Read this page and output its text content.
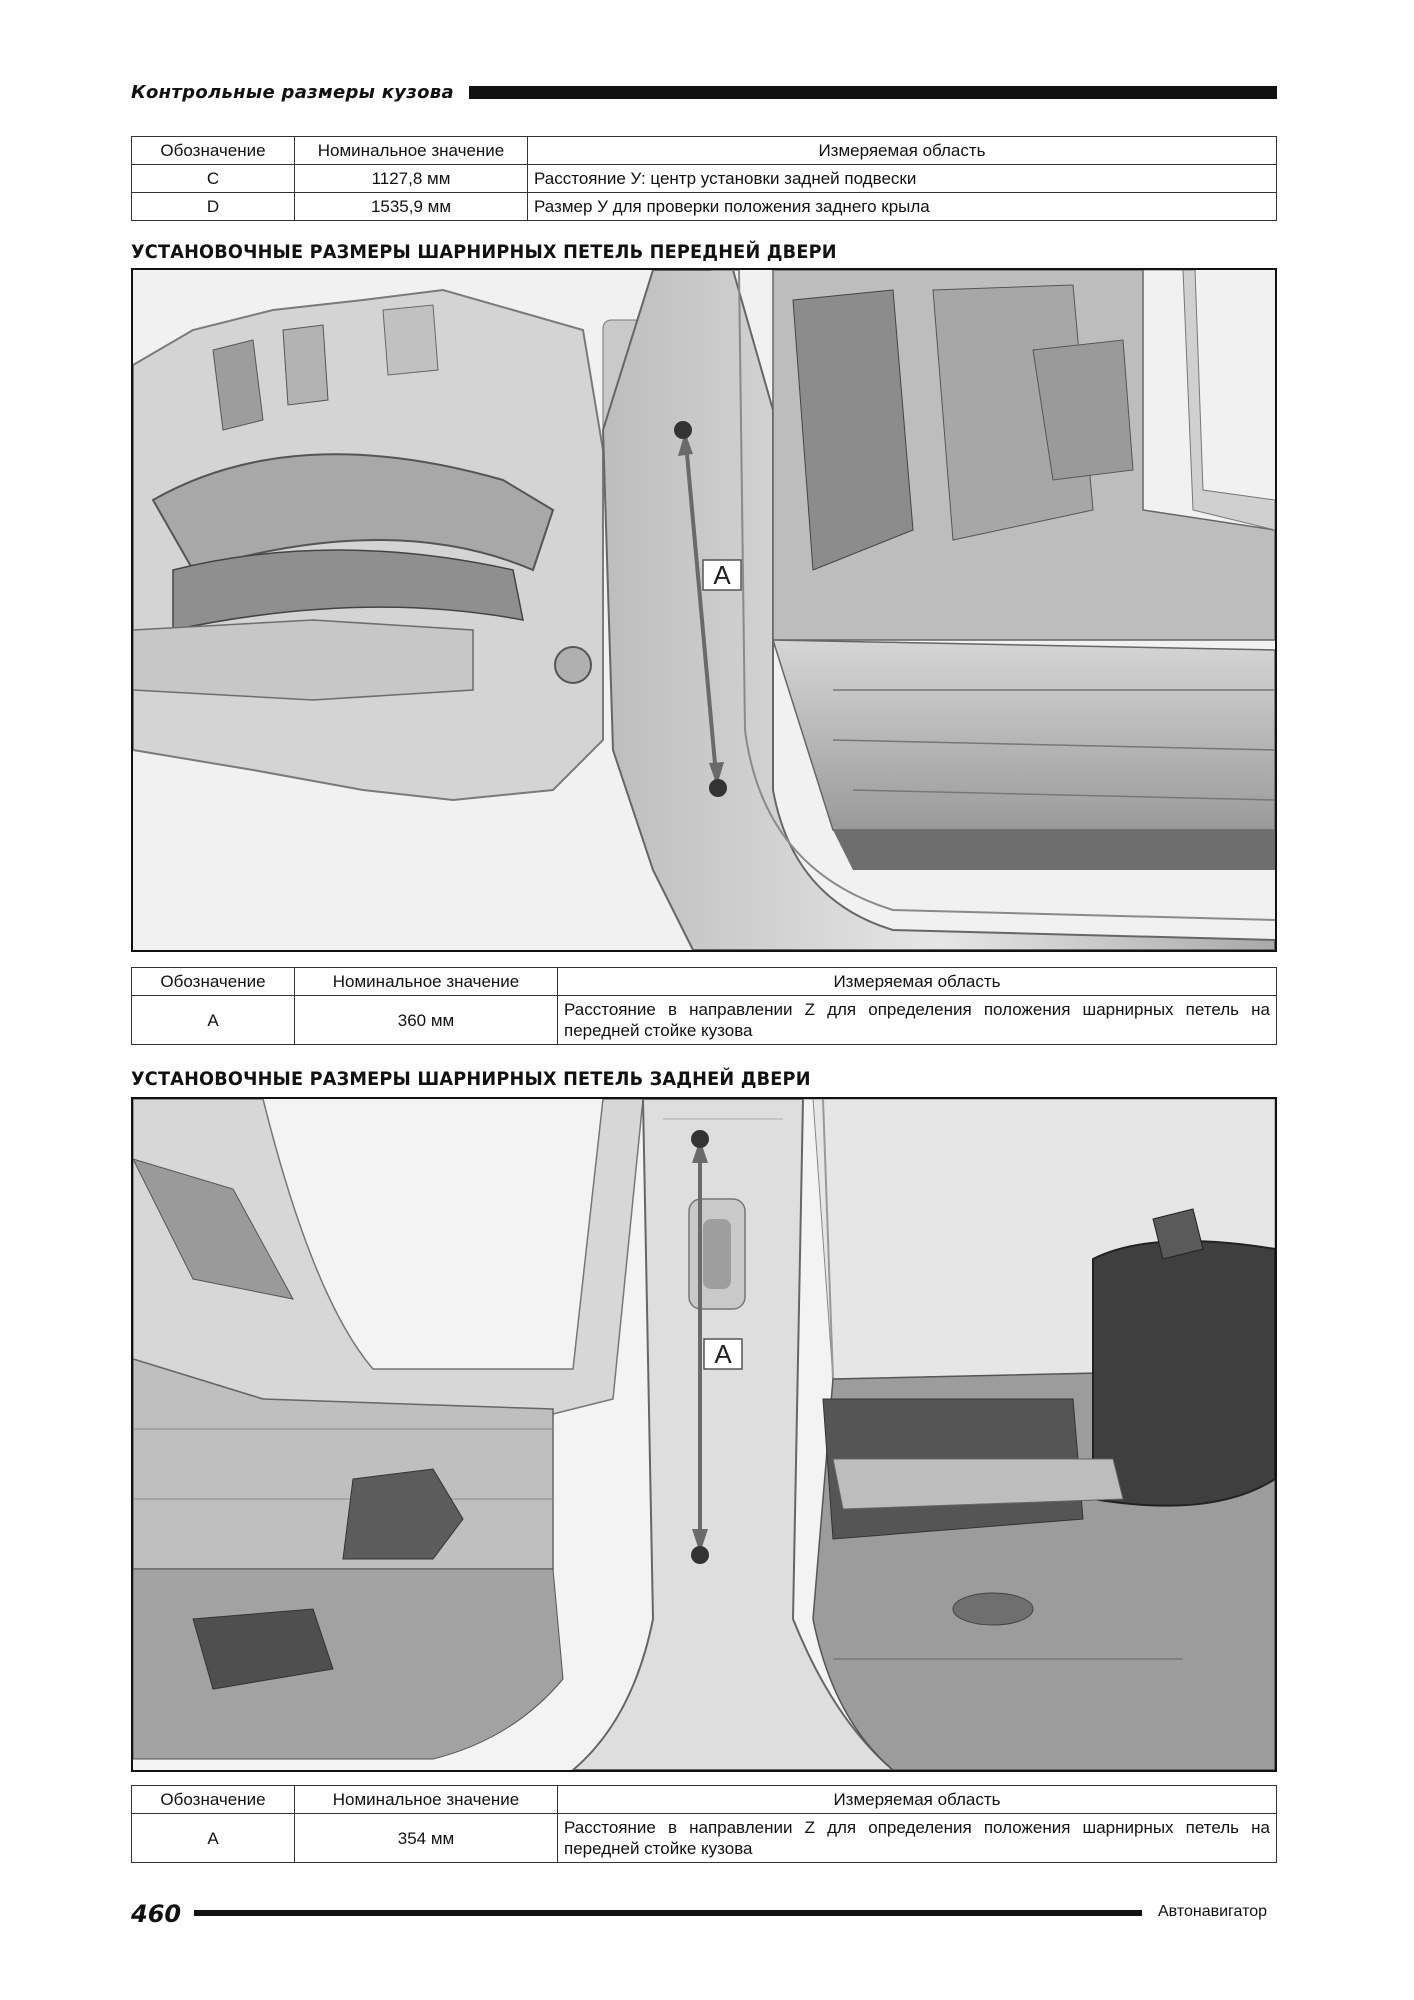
Контрольные размеры кузова
Обозначение	Номинальное значение	Измеряемая область
C	1127,8 мм	Расстояние У: центр установки задней подвески
D	1535,9 мм	Размер У для проверки положения заднего крыла
УСТАНОВОЧНЫЕ РАЗМЕРЫ ШАРНИРНЫХ ПЕТЕЛЬ ПЕРЕДНЕЙ ДВЕРИ
A
Обозначение	Номинальное значение	Измеряемая область
A	360 мм	Расстояние в направлении Z для определения положения шарнирных петель на передней стойке кузова
УСТАНОВОЧНЫЕ РАЗМЕРЫ ШАРНИРНЫХ ПЕТЕЛЬ ЗАДНЕЙ ДВЕРИ
A
Обозначение	Номинальное значение	Измеряемая область
A	354 мм	Расстояние в направлении Z для определения положения шарнирных петель на передней стойке кузова
460	Автонавигатор
